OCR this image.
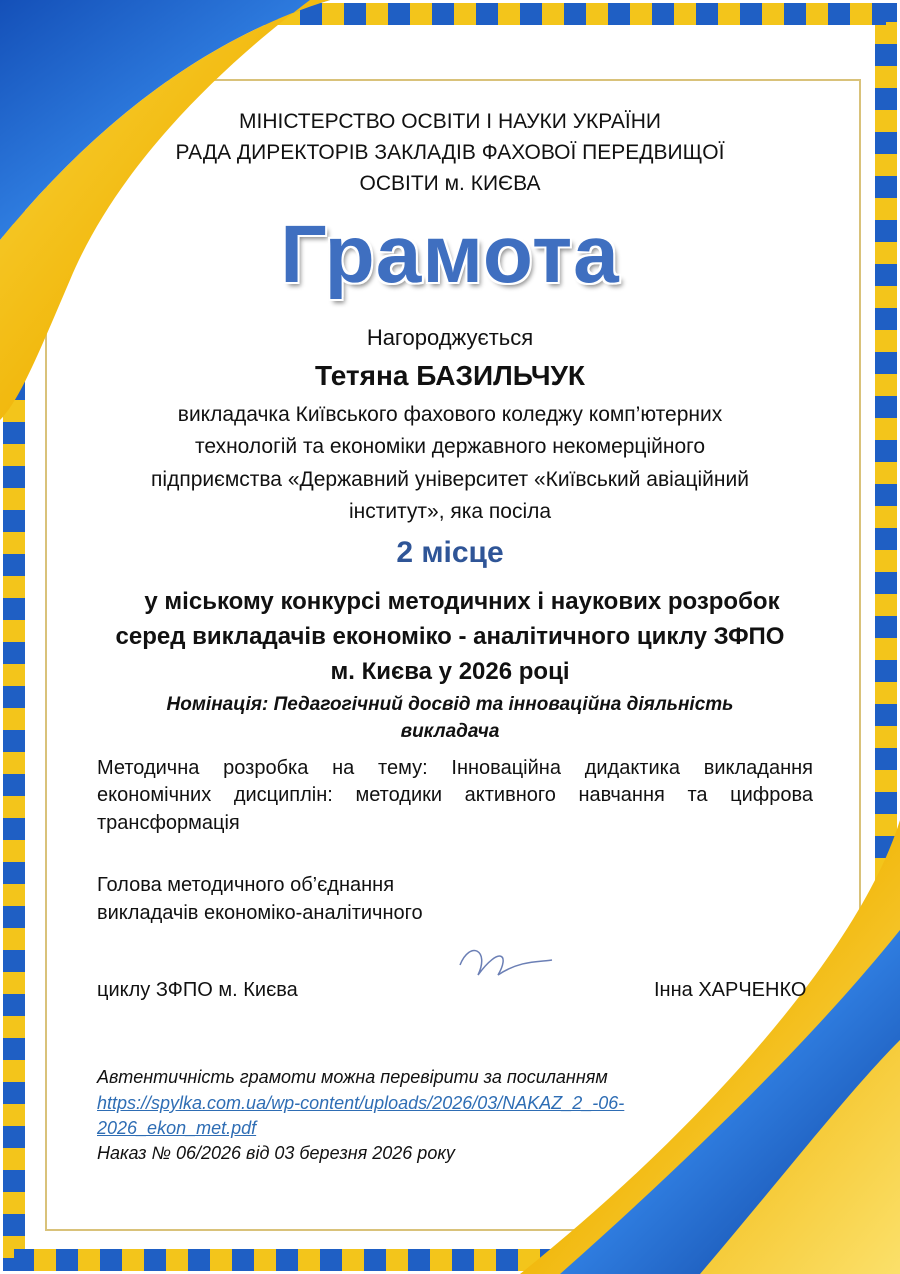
МІНІСТЕРСТВО ОСВІТИ І НАУКИ УКРАЇНИ
РАДА ДИРЕКТОРІВ ЗАКЛАДІВ ФАХОВОЇ ПЕРЕДВИЩОЇ
ОСВІТИ м. КИЄВА
Грамота
Нагороджується
Тетяна БАЗИЛЬЧУК
викладачка Київського фахового коледжу комп’ютерних
технологій та економіки державного некомерційного
підприємства «Державний університет «Київський авіаційний
інститут», яка посіла
2 місце
у міському конкурсі методичних і наукових розробок
серед викладачів економіко - аналітичного циклу ЗФПО
м. Києва у 2026 році
Номінація: Педагогічний досвід та інноваційна діяльність
викладача
Методична розробка на тему: Інноваційна дидактика викладання
економічних дисциплін: методики активного навчання та цифрова
трансформація
Голова методичного об’єднання
викладачів економіко-аналітичного
циклу ЗФПО м. Києва	Інна ХАРЧЕНКО
Автентичність грамоти можна перевірити за посиланням
https://spylka.com.ua/wp-content/uploads/2026/03/NAKAZ_2_-06-
2026_ekon_met.pdf
Наказ № 06/2026 від 03 березня 2026 року
